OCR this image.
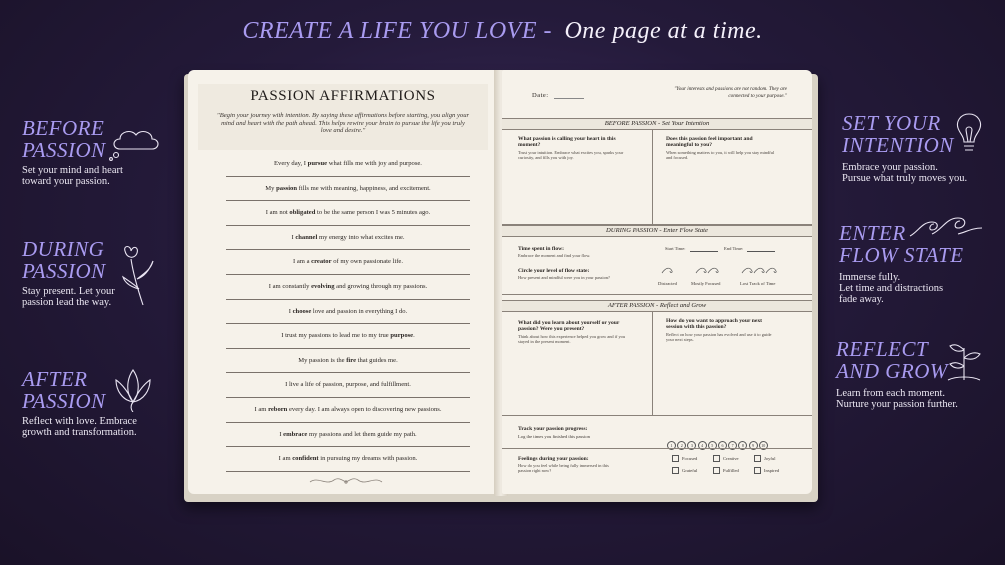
CREATE A LIFE YOU LOVE - One page at a time.
BEFORE
PASSION
Set your mind and heart
toward your passion.
DURING
PASSION
Stay present. Let your
passion lead the way.
AFTER
PASSION
Reflect with love. Embrace
growth and transformation.
SET YOUR
INTENTION
Embrace your passion.
Pursue what truly moves you.
ENTER
FLOW STATE
Immerse fully.
Let time and distractions
fade away.
REFLECT
AND GROW
Learn from each moment.
Nurture your passion further.
PASSION AFFIRMATIONS
"Begin your journey with intention. By saying these affirmations before starting, you align your mind and heart with the path ahead. This helps rewire your brain to pursue the life you truly love and desire."
Every day, I pursue what fills me with joy and purpose.
My passion fills me with meaning, happiness, and excitement.
I am not obligated to be the same person I was 5 minutes ago.
I channel my energy into what excites me.
I am a creator of my own passionate life.
I am constantly evolving and growing through my passions.
I choose love and passion in everything I do.
I trust my passions to lead me to my true purpose.
My passion is the fire that guides me.
I live a life of passion, purpose, and fulfillment.
I am reborn every day. I am always open to discovering new passions.
I embrace my passions and let them guide my path.
I am confident in pursuing my dreams with passion.
Date:
"Your interests and passions are not random. They are connected to your purpose."
BEFORE PASSION - Set Your Intention
What passion is calling your heart in this moment?
Trust your intuition. Embrace what excites you, sparks your curiosity, and fills you with joy.
Does this passion feel important and meaningful to you?
When something matters to you, it will help you stay mindful and focused.
DURING PASSION - Enter Flow State
Time spent in flow:
Embrace the moment and find your flow.
Start Time:	End Time:
Circle your level of flow state:
How present and mindful were you in your passion?
Distracted	Mostly Focused	Lost Track of Time
AFTER PASSION - Reflect and Grow
What did you learn about yourself or your passion? Were you present?
Think about how this experience helped you grow and if you stayed in the present moment.
How do you want to approach your next session with this passion?
Reflect on how your passion has evolved and use it to guide your next steps.
Track your passion progress:
Log the times you finished this passion
1 2 3 4 5 6 7 8 9 10
Feelings during your passion:
How do you feel while being fully immersed in this passion right now?
Focused	Creative	Joyful
Grateful	Fulfilled	Inspired
